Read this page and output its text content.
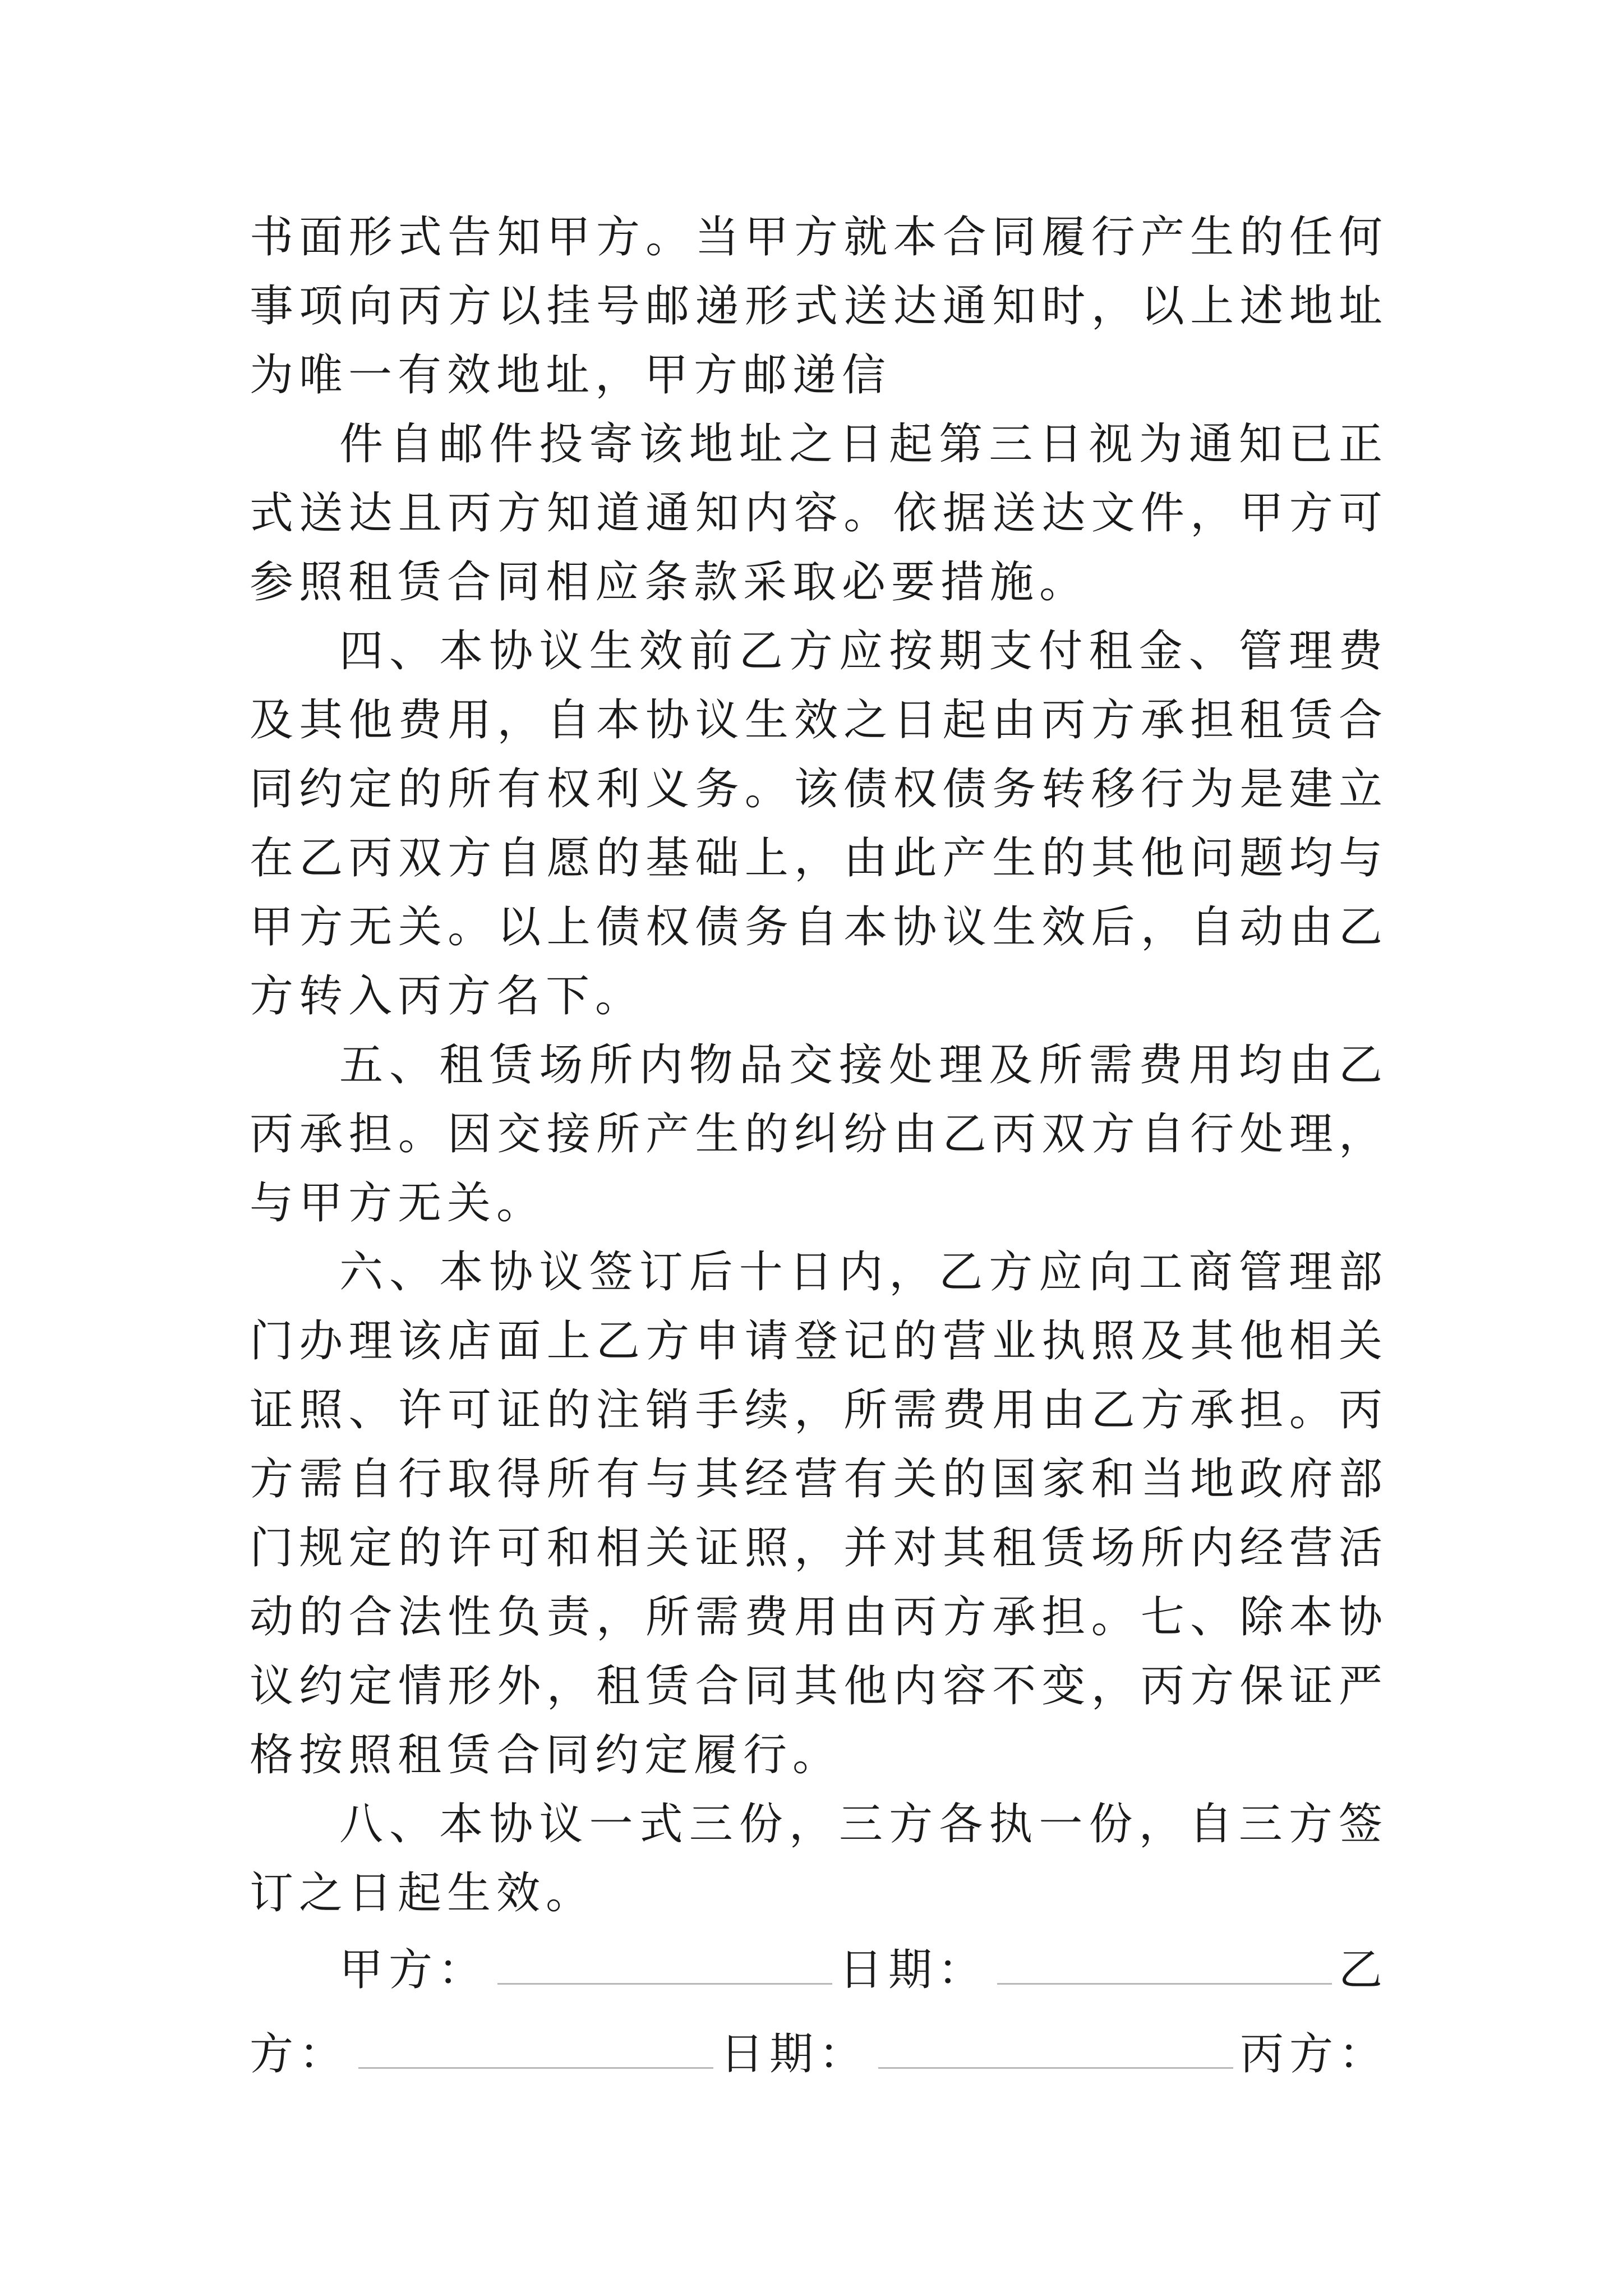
书面形式告知甲方。当甲方就本合同履行产生的任何事项向丙方以挂号邮递形式送达通知时，以上述地址为唯一有效地址，甲方邮递信

件自邮件投寄该地址之日起第三日视为通知已正式送达且丙方知道通知内容。依据送达文件，甲方可参照租赁合同相应条款采取必要措施。

四、本协议生效前乙方应按期支付租金、管理费及其他费用，自本协议生效之日起由丙方承担租赁合同约定的所有权利义务。该债权债务转移行为是建立在乙丙双方自愿的基础上，由此产生的其他问题均与甲方无关。以上债权债务自本协议生效后，自动由乙方转入丙方名下。

五、租赁场所内物品交接处理及所需费用均由乙丙承担。因交接所产生的纠纷由乙丙双方自行处理，与甲方无关。

六、本协议签订后十日内，乙方应向工商管理部门办理该店面上乙方申请登记的营业执照及其他相关证照、许可证的注销手续，所需费用由乙方承担。丙方需自行取得所有与其经营有关的国家和当地政府部门规定的许可和相关证照，并对其租赁场所内经营活动的合法性负责，所需费用由丙方承担。七、除本协议约定情形外，租赁合同其他内容不变，丙方保证严格按照租赁合同约定履行。

八、本协议一式三份，三方各执一份，自三方签订之日起生效。

甲方：	日期：	乙
方：	日期：	丙方：
